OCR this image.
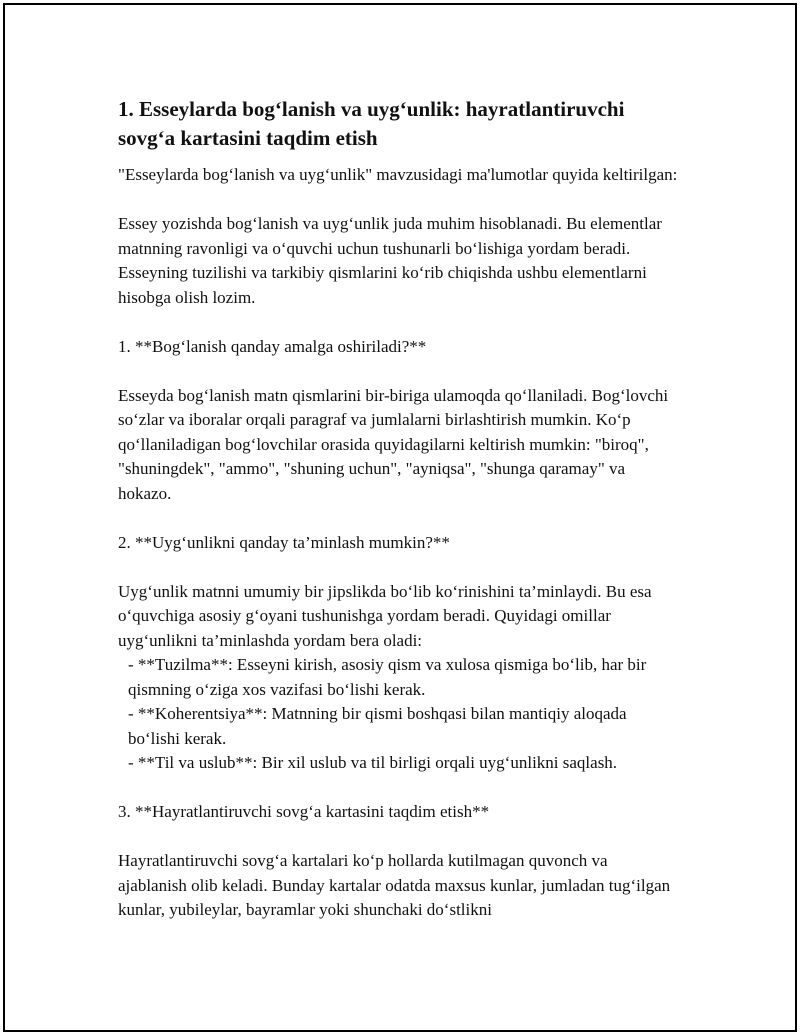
1. Esseylarda bog‘lanish va uyg‘unlik: hayratlantiruvchi sovg‘a kartasini taqdim etish

"Esseylarda bog‘lanish va uyg‘unlik" mavzusidagi ma'lumotlar quyida keltirilgan:

Essey yozishda bog‘lanish va uyg‘unlik juda muhim hisoblanadi. Bu elementlar matnning ravonligi va o‘quvchi uchun tushunarli bo‘lishiga yordam beradi. Esseyning tuzilishi va tarkibiy qismlarini ko‘rib chiqishda ushbu elementlarni hisobga olish lozim.

1. **Bog‘lanish qanday amalga oshiriladi?**

Esseyda bog‘lanish matn qismlarini bir-biriga ulamoqda qo‘llaniladi. Bog‘lovchi so‘zlar va iboralar orqali paragraf va jumlalarni birlashtirish mumkin. Ko‘p qo‘llaniladigan bog‘lovchilar orasida quyidagilarni keltirish mumkin: "biroq", "shuningdek", "ammo", "shuning uchun", "ayniqsa", "shunga qaramay" va hokazo.

2. **Uyg‘unlikni qanday ta’minlash mumkin?**

Uyg‘unlik matnni umumiy bir jipslikda bo‘lib ko‘rinishini ta’minlaydi. Bu esa o‘quvchiga asosiy g‘oyani tushunishga yordam beradi. Quyidagi omillar uyg‘unlikni ta’minlashda yordam bera oladi:

- **Tuzilma**: Esseyni kirish, asosiy qism va xulosa qismiga bo‘lib, har bir qismning o‘ziga xos vazifasi bo‘lishi kerak.

- **Koherentsiya**: Matnning bir qismi boshqasi bilan mantiqiy aloqada bo‘lishi kerak.

- **Til va uslub**: Bir xil uslub va til birligi orqali uyg‘unlikni saqlash.

3. **Hayratlantiruvchi sovg‘a kartasini taqdim etish**

Hayratlantiruvchi sovg‘a kartalari ko‘p hollarda kutilmagan quvonch va ajablanish olib keladi. Bunday kartalar odatda maxsus kunlar, jumladan tug‘ilgan kunlar, yubileylar, bayramlar yoki shunchaki do‘stlikni
